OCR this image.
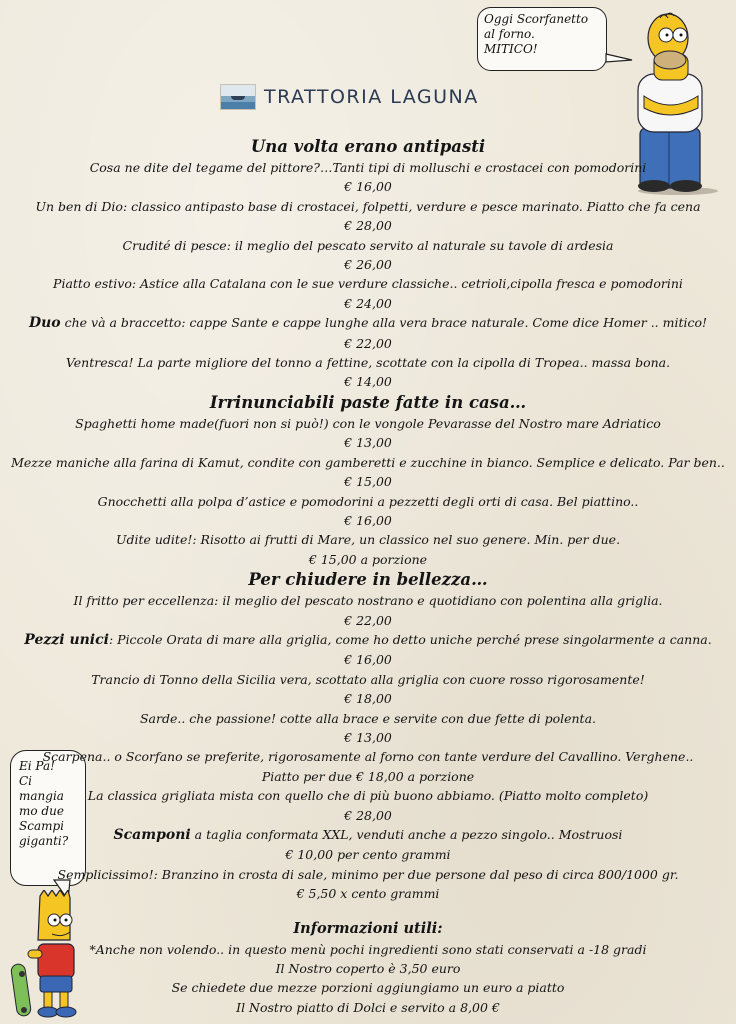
TRATTORIA LAGUNA
Oggi Scorfanetto
al forno.
MITICO!
Ei Pa!
Ci
mangia
mo due
Scampi
giganti?
Una volta erano antipasti
Cosa ne dite del tegame del pittore?…Tanti tipi di molluschi e crostacei con pomodorini
€ 16,00
Un ben di Dio: classico antipasto base di crostacei, folpetti, verdure e pesce marinato. Piatto che fa cena
€ 28,00
Crudité di pesce: il meglio del pescato servito al naturale su tavole di ardesia
€ 26,00
Piatto estivo: Astice alla Catalana con le sue verdure classiche.. cetrioli,cipolla fresca e pomodorini
€ 24,00
Duo che và a braccetto: cappe Sante e cappe lunghe alla vera brace naturale. Come dice Homer .. mitico!
€ 22,00
Ventresca! La parte migliore del tonno a fettine, scottate con la cipolla di Tropea.. massa bona.
€ 14,00
Irrinunciabili paste fatte in casa…
Spaghetti home made(fuori non si può!) con le vongole Pevarasse del Nostro mare Adriatico
€ 13,00
Mezze maniche alla farina di Kamut, condite con gamberetti e zucchine in bianco. Semplice e delicato. Par ben..
€ 15,00
Gnocchetti alla polpa d’astice e pomodorini a pezzetti degli orti di casa. Bel piattino..
€ 16,00
Udite udite!: Risotto ai frutti di Mare, un classico nel suo genere. Min. per due.
€ 15,00 a porzione
Per chiudere in bellezza…
Il fritto per eccellenza: il meglio del pescato nostrano e quotidiano con polentina alla griglia.
€ 22,00
Pezzi unici: Piccole Orata di mare alla griglia, come ho detto uniche perché prese singolarmente a canna.
€ 16,00
Trancio di Tonno della Sicilia vera, scottato alla griglia con cuore rosso rigorosamente!
€ 18,00
Sarde.. che passione! cotte alla brace e servite con due fette di polenta.
€ 13,00
Scarpena.. o Scorfano se preferite, rigorosamente al forno con tante verdure del Cavallino. Verghene..
Piatto per due € 18,00 a porzione
La classica grigliata mista con quello che di più buono abbiamo. (Piatto molto completo)
€ 28,00
Scamponi a taglia conformata XXL, venduti anche a pezzo singolo.. Mostruosi
€ 10,00 per cento grammi
Semplicissimo!: Branzino in crosta di sale, minimo per due persone dal peso di circa 800/1000 gr.
€ 5,50 x cento grammi
Informazioni utili:
*Anche non volendo.. in questo menù pochi ingredienti sono stati conservati a -18 gradi
Il Nostro coperto è 3,50 euro
Se chiedete due mezze porzioni aggiungiamo un euro a piatto
Il Nostro piatto di Dolci e servito a 8,00 €
